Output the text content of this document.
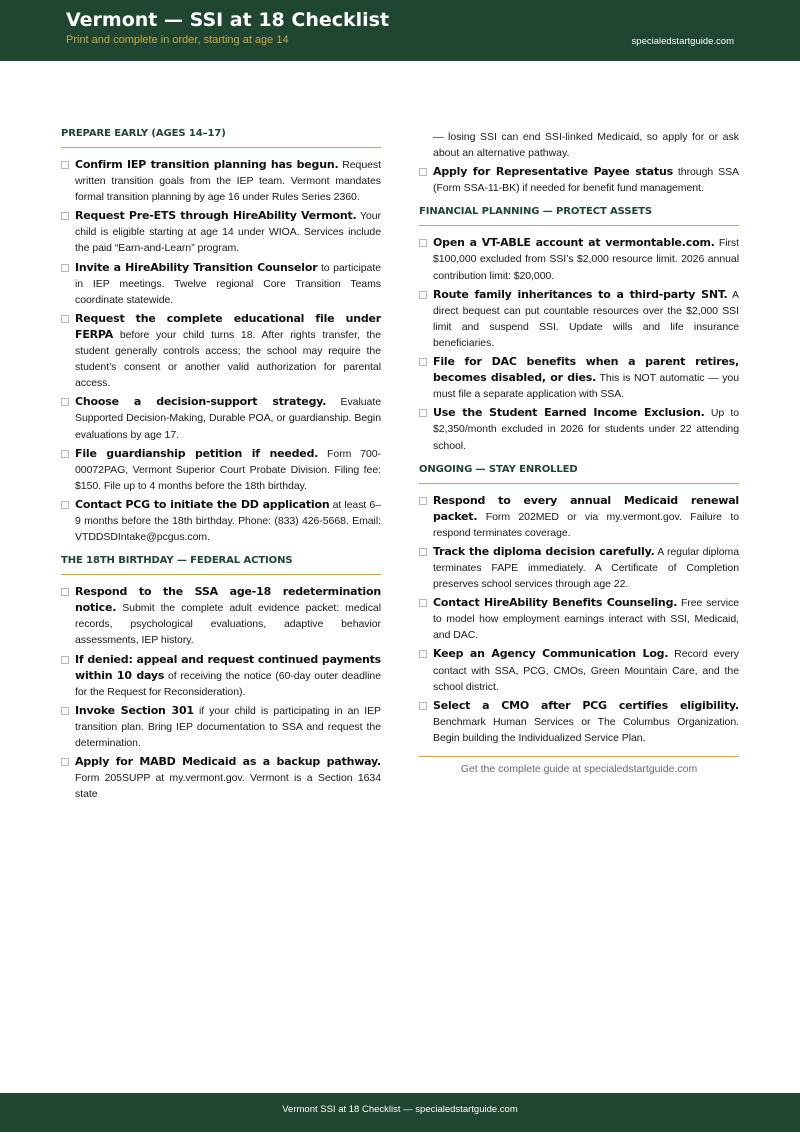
Vermont — SSI at 18 Checklist
Print and complete in order, starting at age 14	specialedstartguide.com
PREPARE EARLY (AGES 14–17)

Confirm IEP transition planning has begun. Request written transition goals from the IEP team. Vermont mandates formal transition planning by age 16 under Rules Series 2360.

Request Pre-ETS through HireAbility Vermont. Your child is eligible starting at age 14 under WIOA. Services include the paid “Earn-and-Learn” program.

Invite a HireAbility Transition Counselor to participate in IEP meetings. Twelve regional Core Transition Teams coordinate statewide.

Request the complete educational file under FERPA before your child turns 18. After rights transfer, the student generally controls access; the school may require the student’s consent or another valid authorization for parental access.

Choose a decision-support strategy. Evaluate Supported Decision-Making, Durable POA, or guardianship. Begin evaluations by age 17.

File guardianship petition if needed. Form 700-00072PAG, Vermont Superior Court Probate Division. Filing fee: $150. File up to 4 months before the 18th birthday.

Contact PCG to initiate the DD application at least 6–9 months before the 18th birthday. Phone: (833) 426-5668. Email: VTDDSDIntake@pcgus.com.

THE 18TH BIRTHDAY — FEDERAL ACTIONS

Respond to the SSA age-18 redetermination notice. Submit the complete adult evidence packet: medical records, psychological evaluations, adaptive behavior assessments, IEP history.

If denied: appeal and request continued payments within 10 days of receiving the notice (60-day outer deadline for the Request for Reconsideration).

Invoke Section 301 if your child is participating in an IEP transition plan. Bring IEP documentation to SSA and request the determination.

Apply for MABD Medicaid as a backup pathway. Form 205SUPP at my.vermont.gov. Vermont is a Section 1634 state

— losing SSI can end SSI-linked Medicaid, so apply for or ask about an alternative pathway.

Apply for Representative Payee status through SSA (Form SSA-11-BK) if needed for benefit fund management.

FINANCIAL PLANNING — PROTECT ASSETS

Open a VT-ABLE account at vermontable.com. First $100,000 excluded from SSI’s $2,000 resource limit. 2026 annual contribution limit: $20,000.

Route family inheritances to a third-party SNT. A direct bequest can put countable resources over the $2,000 SSI limit and suspend SSI. Update wills and life insurance beneficiaries.

File for DAC benefits when a parent retires, becomes disabled, or dies. This is NOT automatic — you must file a separate application with SSA.

Use the Student Earned Income Exclusion. Up to $2,350/month excluded in 2026 for students under 22 attending school.

ONGOING — STAY ENROLLED

Respond to every annual Medicaid renewal packet. Form 202MED or via my.vermont.gov. Failure to respond terminates coverage.

Track the diploma decision carefully. A regular diploma terminates FAPE immediately. A Certificate of Completion preserves school services through age 22.

Contact HireAbility Benefits Counseling. Free service to model how employment earnings interact with SSI, Medicaid, and DAC.

Keep an Agency Communication Log. Record every contact with SSA, PCG, CMOs, Green Mountain Care, and the school district.

Select a CMO after PCG certifies eligibility. Benchmark Human Services or The Columbus Organization. Begin building the Individualized Service Plan.

Get the complete guide at specialedstartguide.com
Vermont SSI at 18 Checklist — specialedstartguide.com
